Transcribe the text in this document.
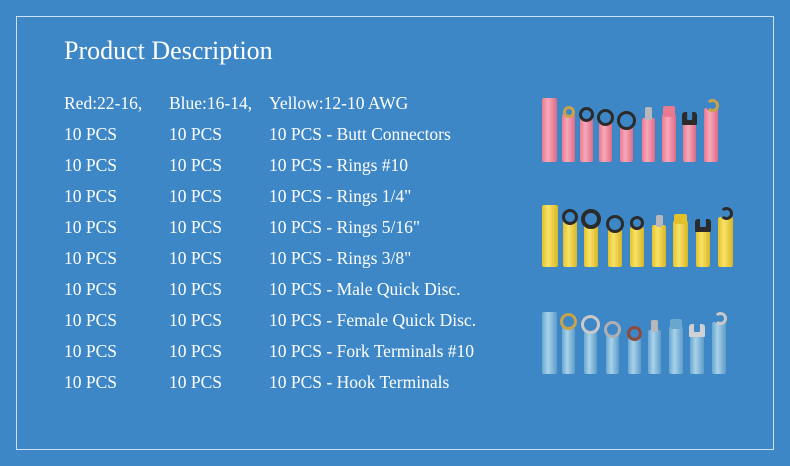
Product Description
Red:22-16,	Blue:16-14, Yellow:12-10 AWG
10 PCS	10 PCS	10 PCS - Butt Connectors
10 PCS	10 PCS	10 PCS - Rings #10
10 PCS	10 PCS	10 PCS - Rings 1/4"
10 PCS	10 PCS	10 PCS - Rings 5/16"
10 PCS	10 PCS	10 PCS - Rings 3/8"
10 PCS	10 PCS	10 PCS - Male Quick Disc.
10 PCS	10 PCS	10 PCS - Female Quick Disc.
10 PCS	10 PCS	10 PCS - Fork Terminals #10
10 PCS	10 PCS	10 PCS - Hook Terminals
